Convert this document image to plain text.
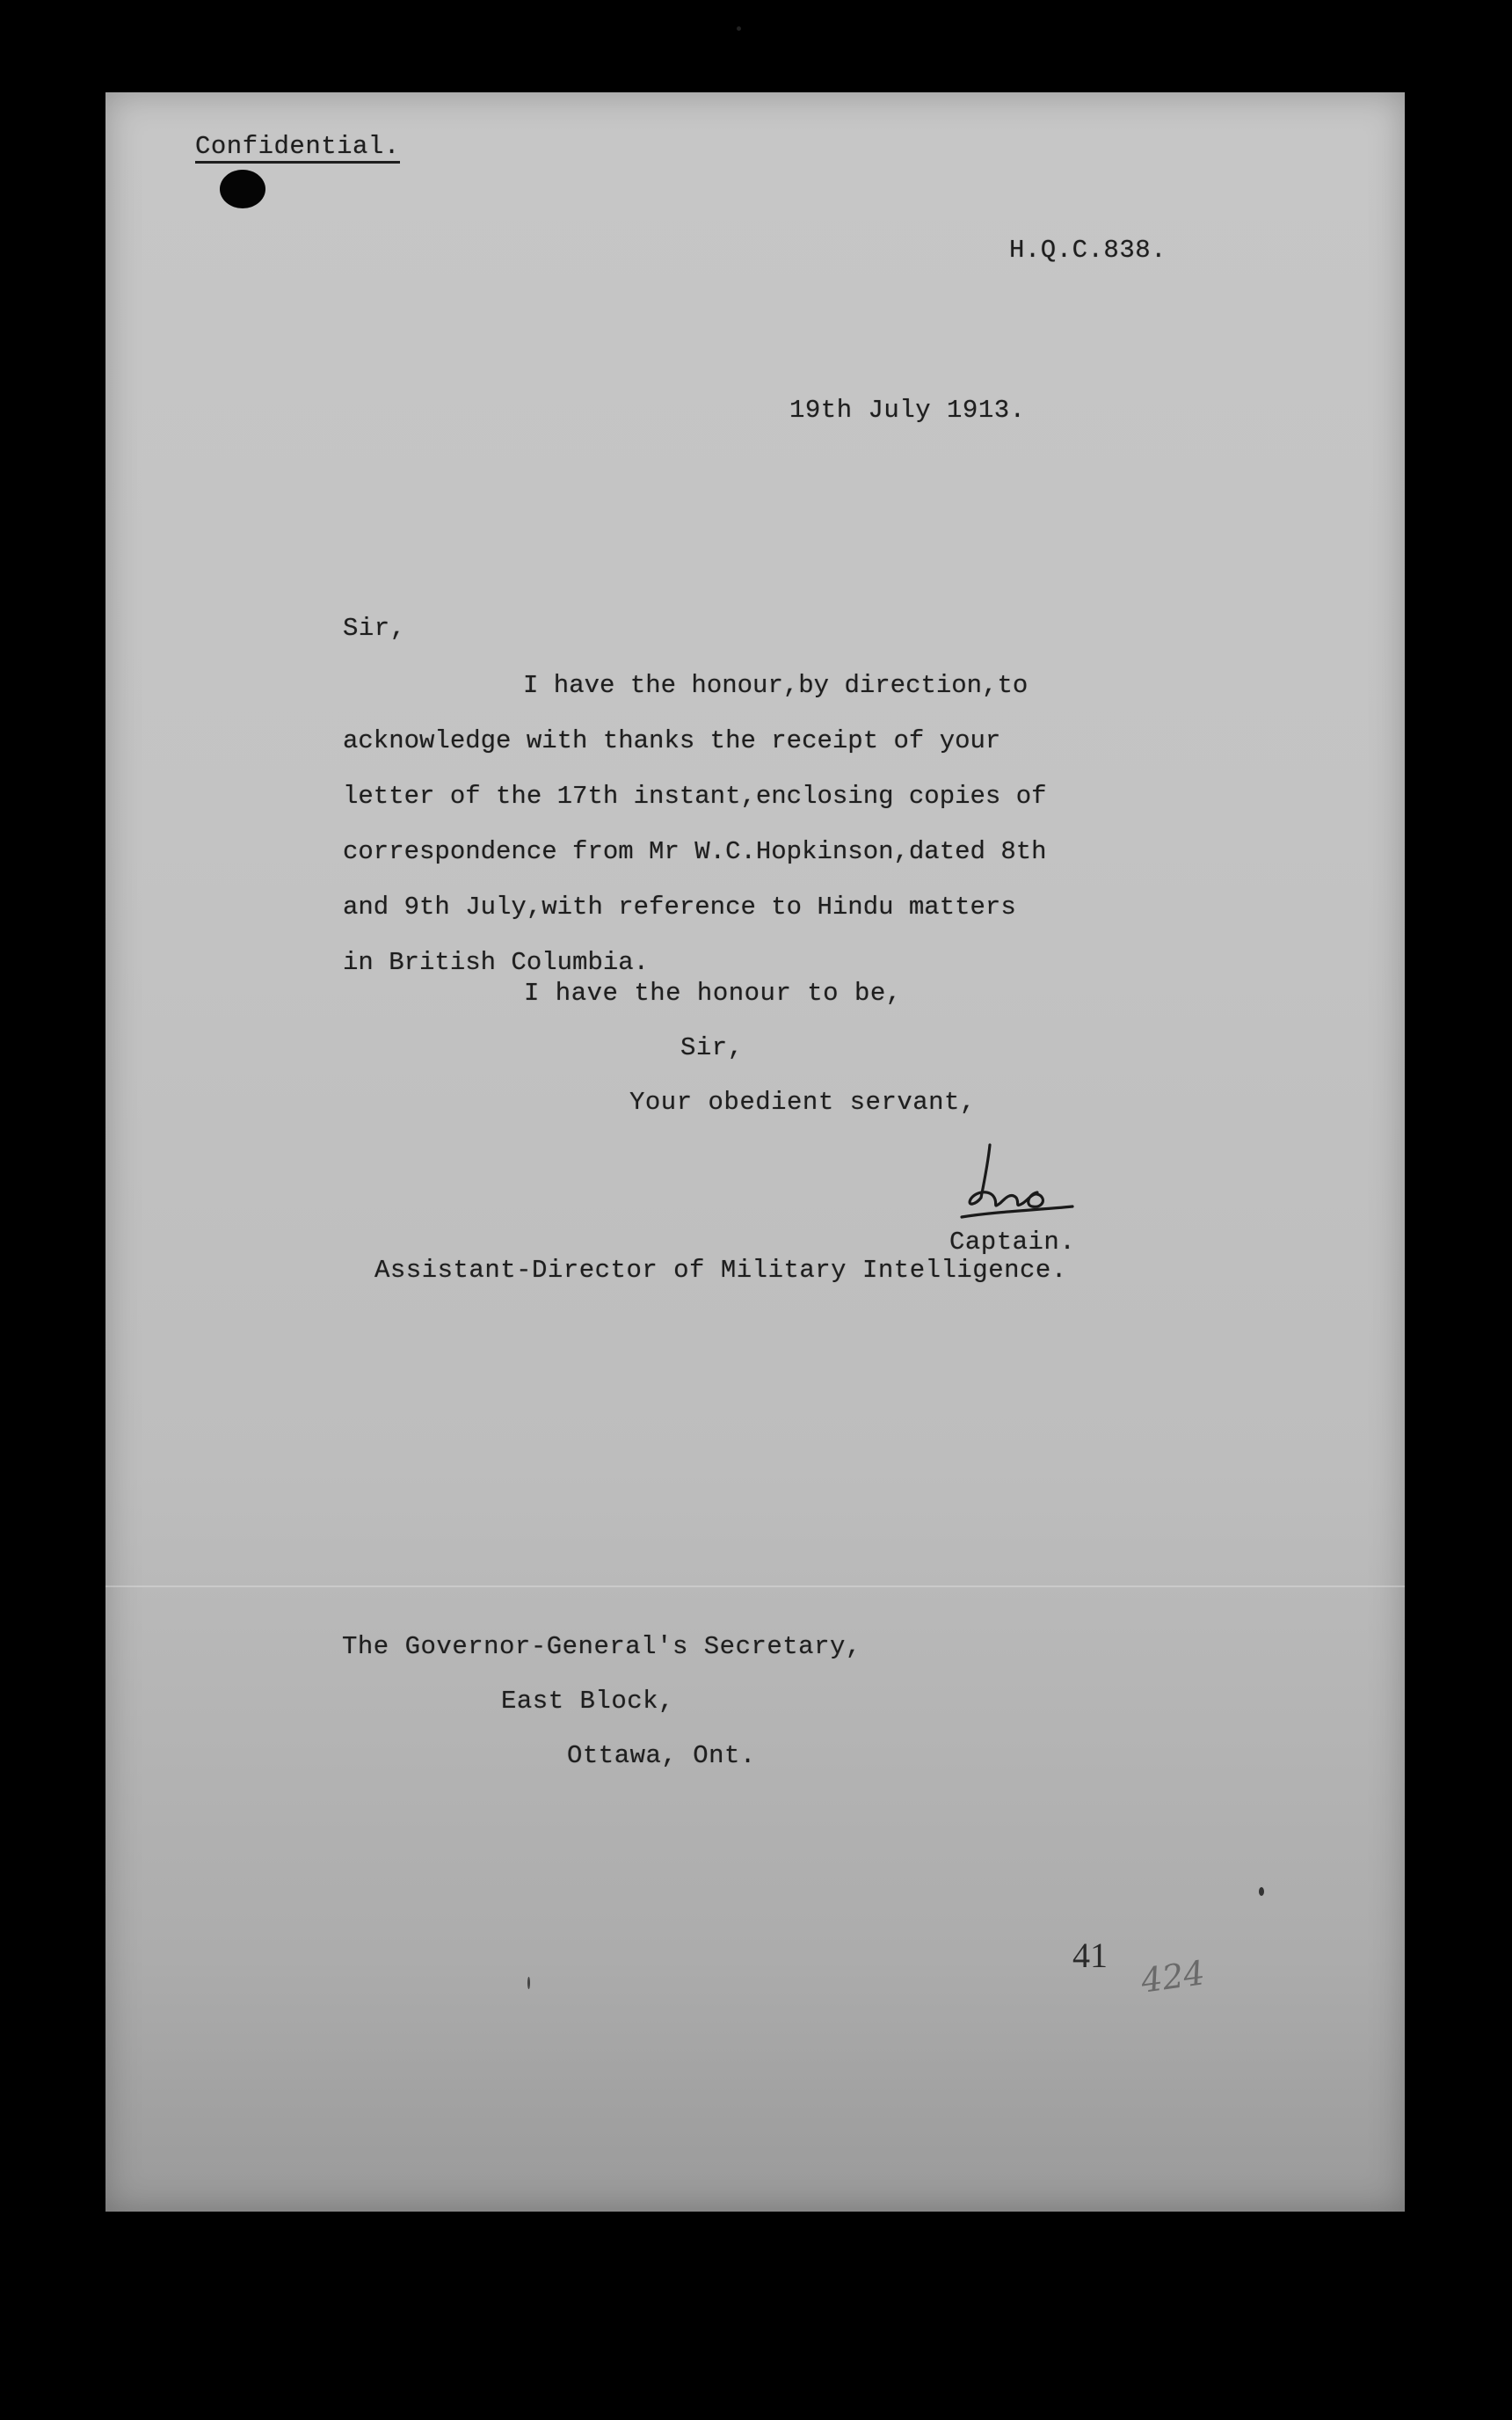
Confidential.
H.Q.C.838.
19th July 1913.
Sir,
I have the honour,by direction,to
acknowledge with thanks the receipt of your
letter of the 17th instant,enclosing copies of
correspondence from Mr W.C.Hopkinson,dated 8th
and 9th July,with reference to Hindu matters
in British Columbia.
I have the honour to be,
Sir,
Your obedient servant,
Captain.
Assistant-Director of Military Intelligence.
The Governor-General's Secretary,
East Block,
Ottawa, Ont.
41 424
